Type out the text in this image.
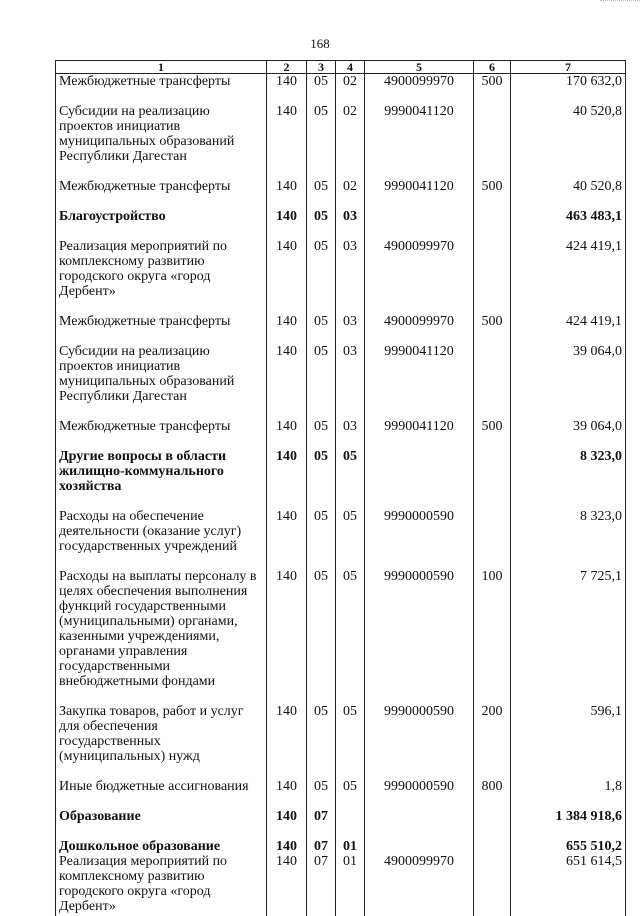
168
1	2	3	4	5	6	7
Межбюджетные трансферты	140	05	02	4900099970	500	170 632,0
Субсидии на реализацию проектов инициатив муниципальных образований Республики Дагестан	140	05	02	9990041120		40 520,8
Межбюджетные трансферты	140	05	02	9990041120	500	40 520,8
Благоустройство	140	05	03			463 483,1
Реализация мероприятий по комплексному развитию городского округа «город Дербент»	140	05	03	4900099970		424 419,1
Межбюджетные трансферты	140	05	03	4900099970	500	424 419,1
Субсидии на реализацию проектов инициатив муниципальных образований Республики Дагестан	140	05	03	9990041120		39 064,0
Межбюджетные трансферты	140	05	03	9990041120	500	39 064,0
Другие вопросы в области жилищно-коммунального хозяйства	140	05	05			8 323,0
Расходы на обеспечение деятельности (оказание услуг) государственных учреждений	140	05	05	9990000590		8 323,0
Расходы на выплаты персоналу в целях обеспечения выполнения функций государственными (муниципальными) органами, казенными учреждениями, органами управления государственными внебюджетными фондами	140	05	05	9990000590	100	7 725,1
Закупка товаров, работ и услуг для обеспечения государственных (муниципальных) нужд	140	05	05	9990000590	200	596,1
Иные бюджетные ассигнования	140	05	05	9990000590	800	1,8
Образование	140	07				1 384 918,6
Дошкольное образование	140	07	01			655 510,2
Реализация мероприятий по комплексному развитию городского округа «город Дербент»	140	07	01	4900099970		651 614,5
